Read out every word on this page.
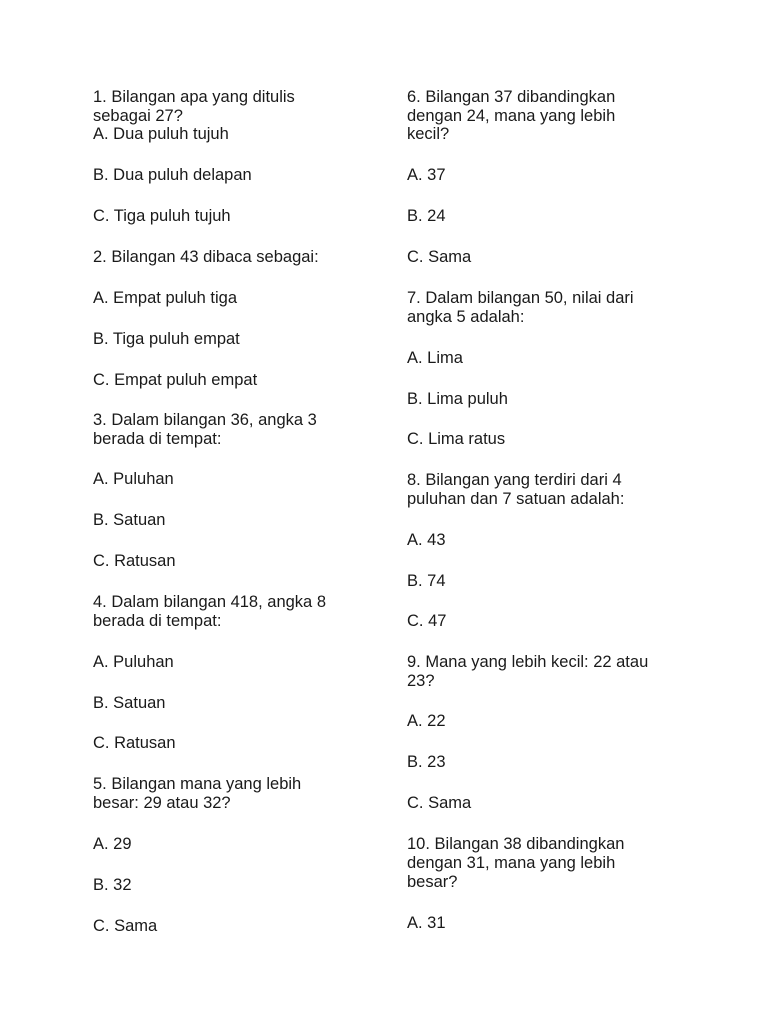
1. Bilangan apa yang ditulis

sebagai 27?

A. Dua puluh tujuh

B. Dua puluh delapan

C. Tiga puluh tujuh

2. Bilangan 43 dibaca sebagai:

A. Empat puluh tiga

B. Tiga puluh empat

C. Empat puluh empat

3. Dalam bilangan 36, angka 3

berada di tempat:

A. Puluhan

B. Satuan

C. Ratusan

4. Dalam bilangan 418, angka 8

berada di tempat:

A. Puluhan

B. Satuan

C. Ratusan

5. Bilangan mana yang lebih

besar: 29 atau 32?

A. 29

B. 32

C. Sama

6. Bilangan 37 dibandingkan

dengan 24, mana yang lebih

kecil?

A. 37

B. 24

C. Sama

7. Dalam bilangan 50, nilai dari

angka 5 adalah:

A. Lima

B. Lima puluh

C. Lima ratus

8. Bilangan yang terdiri dari 4

puluhan dan 7 satuan adalah:

A. 43

B. 74

C. 47

9. Mana yang lebih kecil: 22 atau

23?

A. 22

B. 23

C. Sama

10. Bilangan 38 dibandingkan

dengan 31, mana yang lebih

besar?

A. 31
